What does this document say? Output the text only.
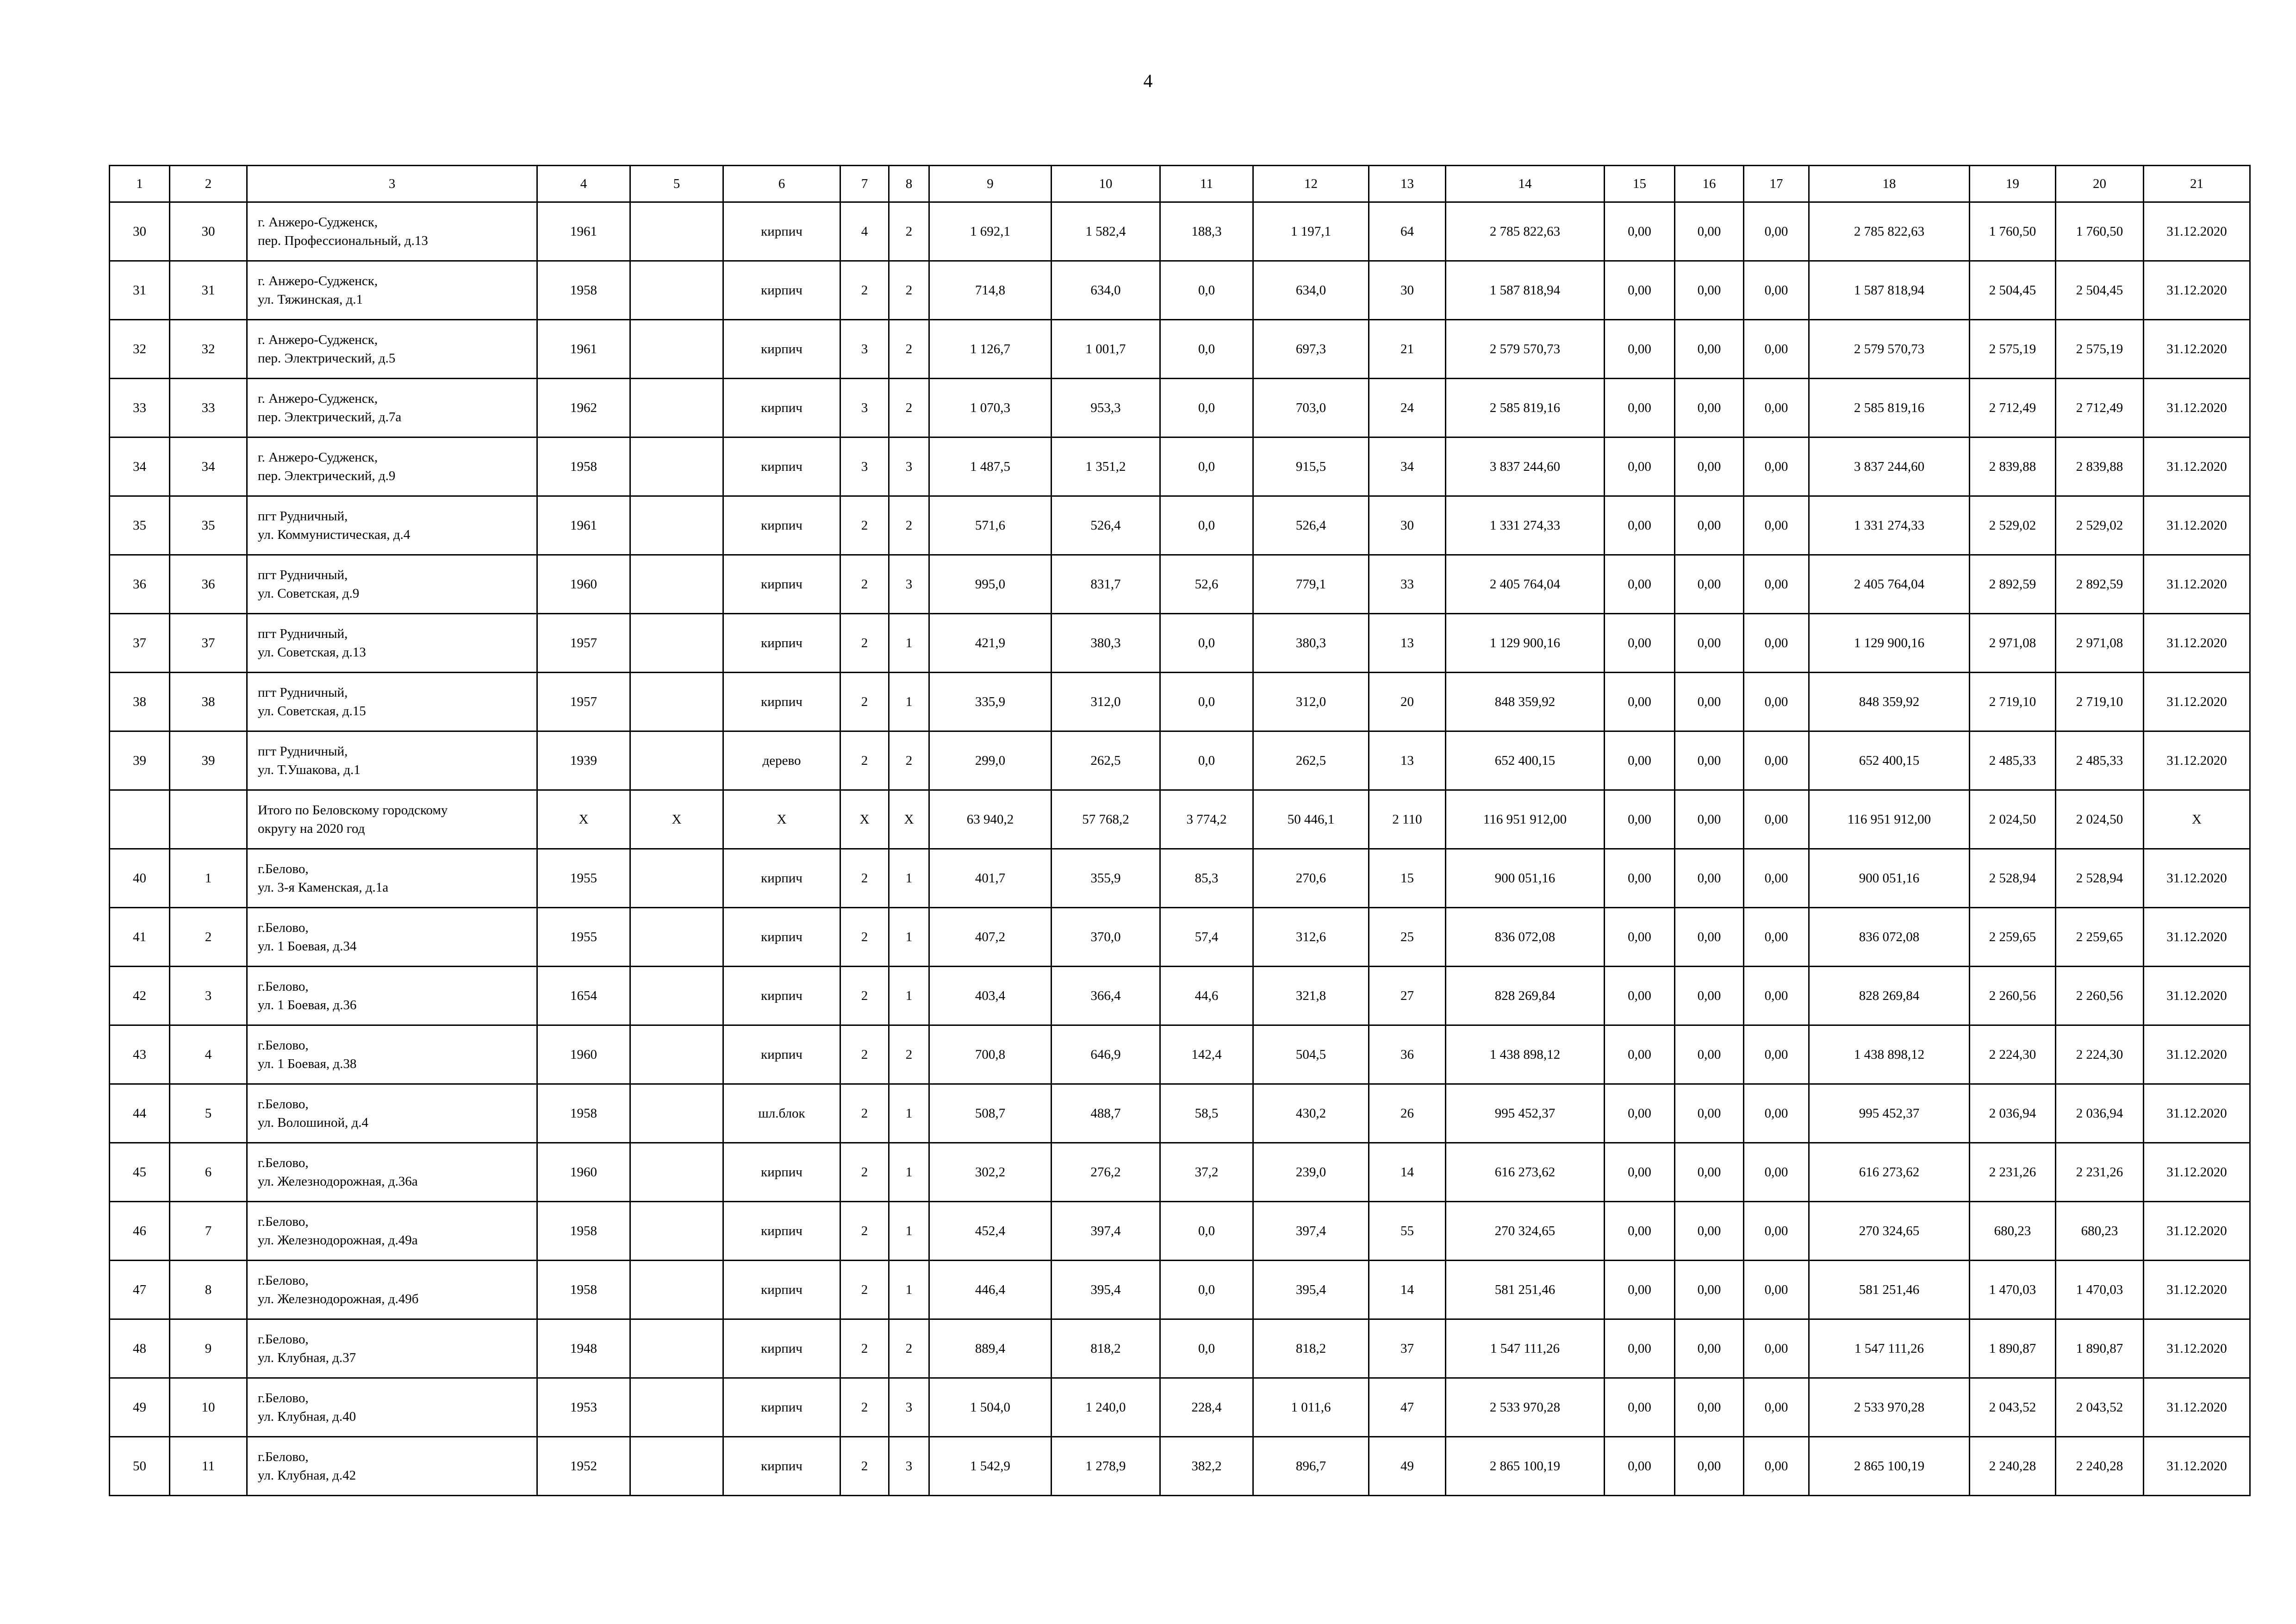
4
1	2	3	4	5	6	7	8	9	10	11	12	13	14	15	16	17	18	19	20	21
30	30	г. Анжеро-Судженск,
пер. Профессиональный, д.13	1961		кирпич	4	2	1 692,1	1 582,4	188,3	1 197,1	64	2 785 822,63	0,00	0,00	0,00	2 785 822,63	1 760,50	1 760,50	31.12.2020
31	31	г. Анжеро-Судженск,
ул. Тяжинская, д.1	1958		кирпич	2	2	714,8	634,0	0,0	634,0	30	1 587 818,94	0,00	0,00	0,00	1 587 818,94	2 504,45	2 504,45	31.12.2020
32	32	г. Анжеро-Судженск,
пер. Электрический, д.5	1961		кирпич	3	2	1 126,7	1 001,7	0,0	697,3	21	2 579 570,73	0,00	0,00	0,00	2 579 570,73	2 575,19	2 575,19	31.12.2020
33	33	г. Анжеро-Судженск,
пер. Электрический, д.7а	1962		кирпич	3	2	1 070,3	953,3	0,0	703,0	24	2 585 819,16	0,00	0,00	0,00	2 585 819,16	2 712,49	2 712,49	31.12.2020
34	34	г. Анжеро-Судженск,
пер. Электрический, д.9	1958		кирпич	3	3	1 487,5	1 351,2	0,0	915,5	34	3 837 244,60	0,00	0,00	0,00	3 837 244,60	2 839,88	2 839,88	31.12.2020
35	35	пгт Рудничный,
ул. Коммунистическая, д.4	1961		кирпич	2	2	571,6	526,4	0,0	526,4	30	1 331 274,33	0,00	0,00	0,00	1 331 274,33	2 529,02	2 529,02	31.12.2020
36	36	пгт Рудничный,
ул. Советская, д.9	1960		кирпич	2	3	995,0	831,7	52,6	779,1	33	2 405 764,04	0,00	0,00	0,00	2 405 764,04	2 892,59	2 892,59	31.12.2020
37	37	пгт Рудничный,
ул. Советская, д.13	1957		кирпич	2	1	421,9	380,3	0,0	380,3	13	1 129 900,16	0,00	0,00	0,00	1 129 900,16	2 971,08	2 971,08	31.12.2020
38	38	пгт Рудничный,
ул. Советская, д.15	1957		кирпич	2	1	335,9	312,0	0,0	312,0	20	848 359,92	0,00	0,00	0,00	848 359,92	2 719,10	2 719,10	31.12.2020
39	39	пгт Рудничный,
ул. Т.Ушакова, д.1	1939		дерево	2	2	299,0	262,5	0,0	262,5	13	652 400,15	0,00	0,00	0,00	652 400,15	2 485,33	2 485,33	31.12.2020

		Итого по Беловскому городскому
округу на 2020 год	Х	Х	Х	Х	Х	63 940,2	57 768,2	3 774,2	50 446,1	2 110	116 951 912,00	0,00	0,00	0,00	116 951 912,00	2 024,50	2 024,50	Х
40	1	г.Белово,
ул. 3-я Каменская, д.1а	1955		кирпич	2	1	401,7	355,9	85,3	270,6	15	900 051,16	0,00	0,00	0,00	900 051,16	2 528,94	2 528,94	31.12.2020
41	2	г.Белово,
ул. 1 Боевая, д.34	1955		кирпич	2	1	407,2	370,0	57,4	312,6	25	836 072,08	0,00	0,00	0,00	836 072,08	2 259,65	2 259,65	31.12.2020
42	3	г.Белово,
ул. 1 Боевая, д.36	1654		кирпич	2	1	403,4	366,4	44,6	321,8	27	828 269,84	0,00	0,00	0,00	828 269,84	2 260,56	2 260,56	31.12.2020
43	4	г.Белово,
ул. 1 Боевая, д.38	1960		кирпич	2	2	700,8	646,9	142,4	504,5	36	1 438 898,12	0,00	0,00	0,00	1 438 898,12	2 224,30	2 224,30	31.12.2020
44	5	г.Белово,
ул. Волошиной, д.4	1958		шл.блок	2	1	508,7	488,7	58,5	430,2	26	995 452,37	0,00	0,00	0,00	995 452,37	2 036,94	2 036,94	31.12.2020
45	6	г.Белово,
ул. Железнодорожная, д.36а	1960		кирпич	2	1	302,2	276,2	37,2	239,0	14	616 273,62	0,00	0,00	0,00	616 273,62	2 231,26	2 231,26	31.12.2020
46	7	г.Белово,
ул. Железнодорожная, д.49а	1958		кирпич	2	1	452,4	397,4	0,0	397,4	55	270 324,65	0,00	0,00	0,00	270 324,65	680,23	680,23	31.12.2020
47	8	г.Белово,
ул. Железнодорожная, д.49б	1958		кирпич	2	1	446,4	395,4	0,0	395,4	14	581 251,46	0,00	0,00	0,00	581 251,46	1 470,03	1 470,03	31.12.2020
48	9	г.Белово,
ул. Клубная, д.37	1948		кирпич	2	2	889,4	818,2	0,0	818,2	37	1 547 111,26	0,00	0,00	0,00	1 547 111,26	1 890,87	1 890,87	31.12.2020
49	10	г.Белово,
ул. Клубная, д.40	1953		кирпич	2	3	1 504,0	1 240,0	228,4	1 011,6	47	2 533 970,28	0,00	0,00	0,00	2 533 970,28	2 043,52	2 043,52	31.12.2020
50	11	г.Белово,
ул. Клубная, д.42	1952		кирпич	2	3	1 542,9	1 278,9	382,2	896,7	49	2 865 100,19	0,00	0,00	0,00	2 865 100,19	2 240,28	2 240,28	31.12.2020
